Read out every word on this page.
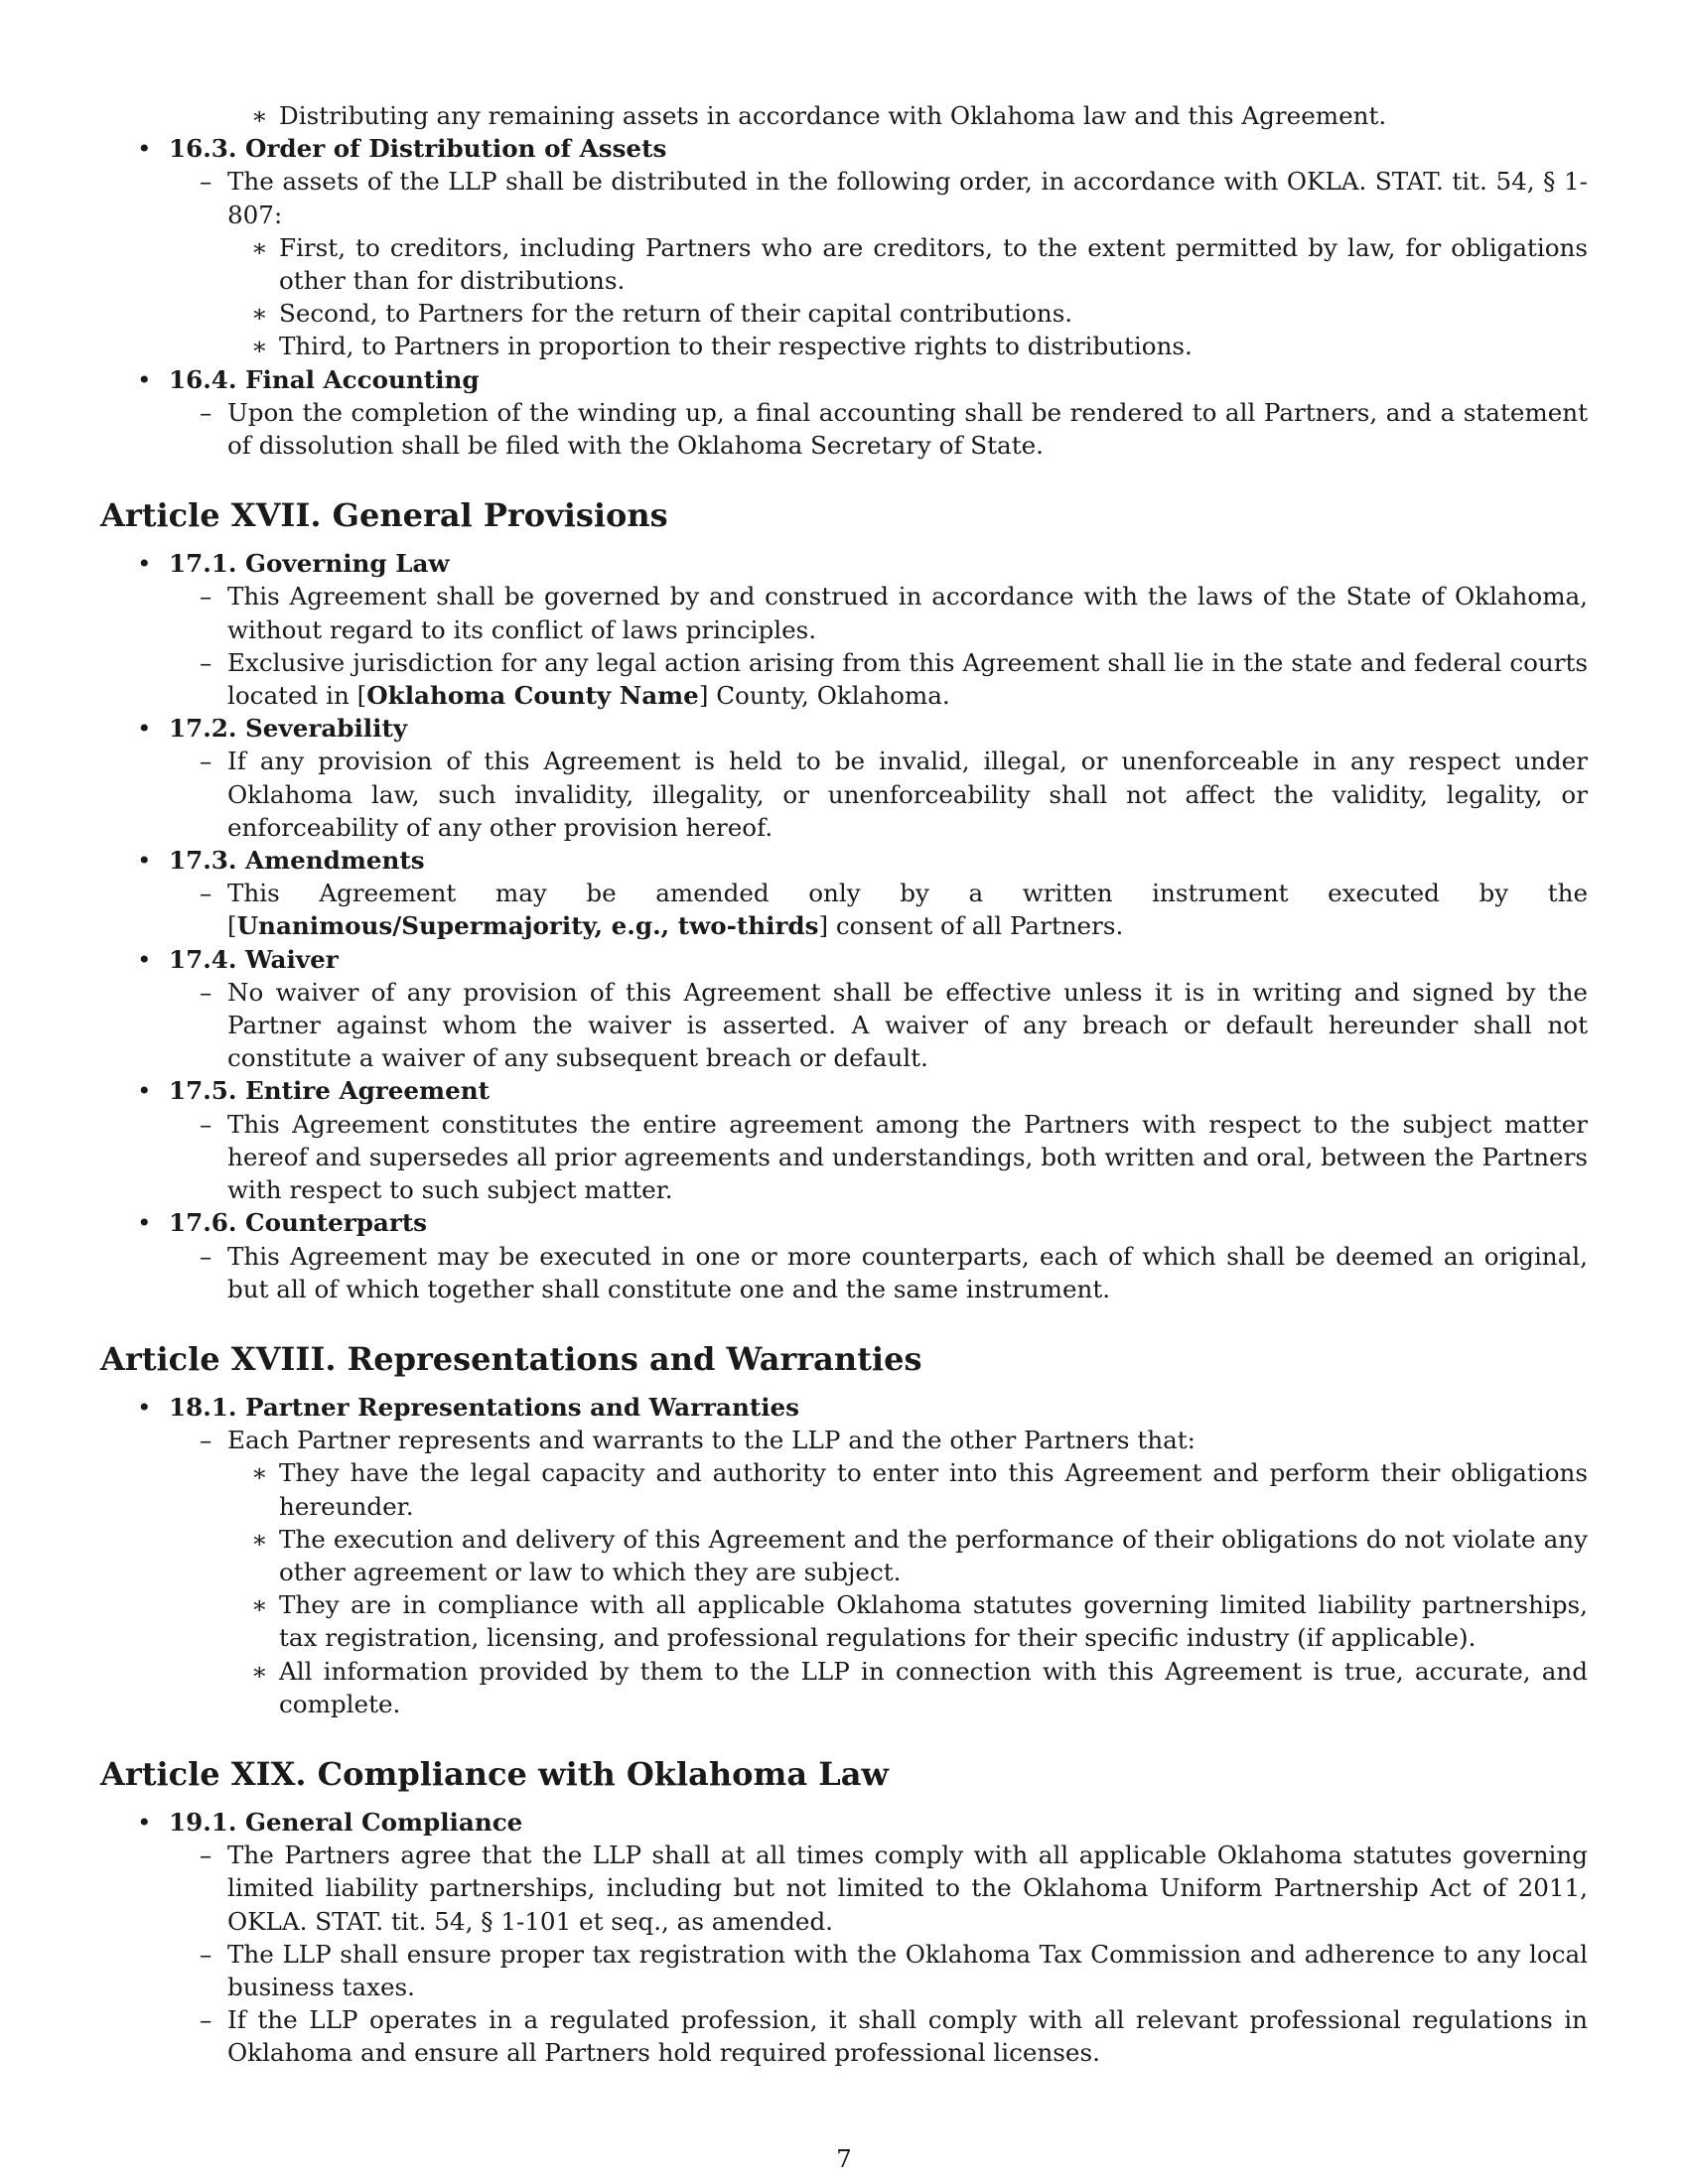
∗ Distributing any remaining assets in accordance with Oklahoma law and this Agreement.
• 16.3. Order of Distribution of Assets
– The assets of the LLP shall be distributed in the following order, in accordance with OKLA. STAT. tit. 54, § 1-807:
∗ First, to creditors, including Partners who are creditors, to the extent permitted by law, for obligations other than for distributions.
∗ Second, to Partners for the return of their capital contributions.
∗ Third, to Partners in proportion to their respective rights to distributions.
• 16.4. Final Accounting
– Upon the completion of the winding up, a final accounting shall be rendered to all Partners, and a statement of dissolution shall be filed with the Oklahoma Secretary of State.
Article XVII. General Provisions
• 17.1. Governing Law
– This Agreement shall be governed by and construed in accordance with the laws of the State of Oklahoma, without regard to its conflict of laws principles.
– Exclusive jurisdiction for any legal action arising from this Agreement shall lie in the state and federal courts located in [Oklahoma County Name] County, Oklahoma.
• 17.2. Severability
– If any provision of this Agreement is held to be invalid, illegal, or unenforceable in any respect under Oklahoma law, such invalidity, illegality, or unenforceability shall not affect the validity, legality, or enforceability of any other provision hereof.
• 17.3. Amendments
– This Agreement may be amended only by a written instrument executed by the [Unanimous/Supermajority, e.g., two-thirds] consent of all Partners.
• 17.4. Waiver
– No waiver of any provision of this Agreement shall be effective unless it is in writing and signed by the Partner against whom the waiver is asserted. A waiver of any breach or default hereunder shall not constitute a waiver of any subsequent breach or default.
• 17.5. Entire Agreement
– This Agreement constitutes the entire agreement among the Partners with respect to the subject matter hereof and supersedes all prior agreements and understandings, both written and oral, between the Partners with respect to such subject matter.
• 17.6. Counterparts
– This Agreement may be executed in one or more counterparts, each of which shall be deemed an original, but all of which together shall constitute one and the same instrument.
Article XVIII. Representations and Warranties
• 18.1. Partner Representations and Warranties
– Each Partner represents and warrants to the LLP and the other Partners that:
∗ They have the legal capacity and authority to enter into this Agreement and perform their obligations hereunder.
∗ The execution and delivery of this Agreement and the performance of their obligations do not violate any other agreement or law to which they are subject.
∗ They are in compliance with all applicable Oklahoma statutes governing limited liability partnerships, tax registration, licensing, and professional regulations for their specific industry (if applicable).
∗ All information provided by them to the LLP in connection with this Agreement is true, accurate, and complete.
Article XIX. Compliance with Oklahoma Law
• 19.1. General Compliance
– The Partners agree that the LLP shall at all times comply with all applicable Oklahoma statutes governing limited liability partnerships, including but not limited to the Oklahoma Uniform Partnership Act of 2011, OKLA. STAT. tit. 54, § 1-101 et seq., as amended.
– The LLP shall ensure proper tax registration with the Oklahoma Tax Commission and adherence to any local business taxes.
– If the LLP operates in a regulated profession, it shall comply with all relevant professional regulations in Oklahoma and ensure all Partners hold required professional licenses.
7
